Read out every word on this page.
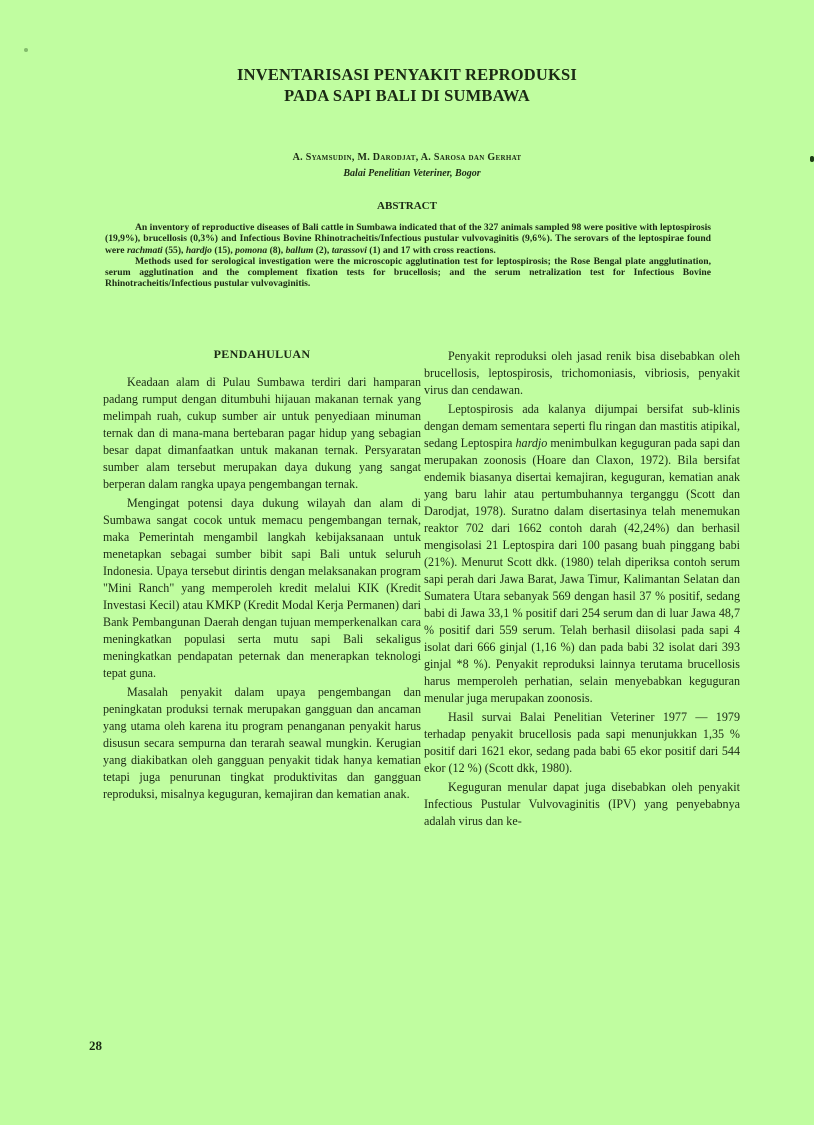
INVENTARISASI PENYAKIT REPRODUKSI
PADA SAPI BALI DI SUMBAWA
A. Syamsudin, M. Darodjat, A. Sarosa dan Gerhat
Balai Penelitian Veteriner, Bogor
ABSTRACT

An inventory of reproductive diseases of Bali cattle in Sumbawa indicated that of the 327 animals sampled 98 were positive with leptospirosis (19,9%), brucellosis (0,3%) and Infectious Bovine Rhinotracheitis/Infectious pustular vulvovaginitis (9,6%). The serovars of the leptospirae found were rachmati (55), hardjo (15), pomona (8), ballum (2), tarassovi (1) and 17 with cross reactions.

Methods used for serological investigation were the microscopic agglutination test for leptospirosis; the Rose Bengal plate angglutination, serum agglutination and the complement fixation tests for brucellosis; and the serum netralization test for Infectious Bovine Rhinotracheitis/Infectious pustular vulvovaginitis.

PENDAHULUAN

Keadaan alam di Pulau Sumbawa terdiri dari hamparan padang rumput dengan ditumbuhi hijauan makanan ternak yang melimpah ruah, cukup sumber air untuk penyediaan minuman ternak dan di mana-mana bertebaran pagar hidup yang sebagian besar dapat dimanfaatkan untuk makanan ternak. Persyaratan sumber alam tersebut merupakan daya dukung yang sangat berperan dalam rangka upaya pengembangan ternak.

Mengingat potensi daya dukung wilayah dan alam di Sumbawa sangat cocok untuk memacu pengembangan ternak, maka Pemerintah mengambil langkah kebijaksanaan untuk menetapkan sebagai sumber bibit sapi Bali untuk seluruh Indonesia. Upaya tersebut dirintis dengan melaksanakan program "Mini Ranch" yang memperoleh kredit melalui KIK (Kredit Investasi Kecil) atau KMKP (Kredit Modal Kerja Permanen) dari Bank Pembangunan Daerah dengan tujuan memperkenalkan cara meningkatkan populasi serta mutu sapi Bali sekaligus meningkatkan pendapatan peternak dan menerapkan teknologi tepat guna.

Masalah penyakit dalam upaya pengembangan dan peningkatan produksi ternak merupakan gangguan dan ancaman yang utama oleh karena itu program penanganan penyakit harus disusun secara sempurna dan terarah seawal mungkin. Kerugian yang diakibatkan oleh gangguan penyakit tidak hanya kematian tetapi juga penurunan tingkat produktivitas dan gangguan reproduksi, misalnya keguguran, kemajiran dan kematian anak.

Penyakit reproduksi oleh jasad renik bisa disebabkan oleh brucellosis, leptospirosis, trichomoniasis, vibriosis, penyakit virus dan cendawan.

Leptospirosis ada kalanya dijumpai bersifat sub-klinis dengan demam sementara seperti flu ringan dan mastitis atipikal, sedang Leptospira hardjo menimbulkan keguguran pada sapi dan merupakan zoonosis (Hoare dan Claxon, 1972). Bila bersifat endemik biasanya disertai kemajiran, keguguran, kematian anak yang baru lahir atau pertumbuhannya terganggu (Scott dan Darodjat, 1978). Suratno dalam disertasinya telah menemukan reaktor 702 dari 1662 contoh darah (42,24%) dan berhasil mengisolasi 21 Leptospira dari 100 pasang buah pinggang babi (21%). Menurut Scott dkk. (1980) telah diperiksa contoh serum sapi perah dari Jawa Barat, Jawa Timur, Kalimantan Selatan dan Sumatera Utara sebanyak 569 dengan hasil 37 % positif, sedang babi di Jawa 33,1 % positif dari 254 serum dan di luar Jawa 48,7 % positif dari 559 serum. Telah berhasil diisolasi pada sapi 4 isolat dari 666 ginjal (1,16 %) dan pada babi 32 isolat dari 393 ginjal *8 %). Penyakit reproduksi lainnya terutama brucellosis harus memperoleh perhatian, selain menyebabkan keguguran menular juga merupakan zoonosis.

Hasil survai Balai Penelitian Veteriner 1977 — 1979 terhadap penyakit brucellosis pada sapi menunjukkan 1,35 % positif dari 1621 ekor, sedang pada babi 65 ekor positif dari 544 ekor (12 %) (Scott dkk, 1980).

Keguguran menular dapat juga disebabkan oleh penyakit Infectious Pustular Vulvovaginitis (IPV) yang penyebabnya adalah virus dan ke-

28
